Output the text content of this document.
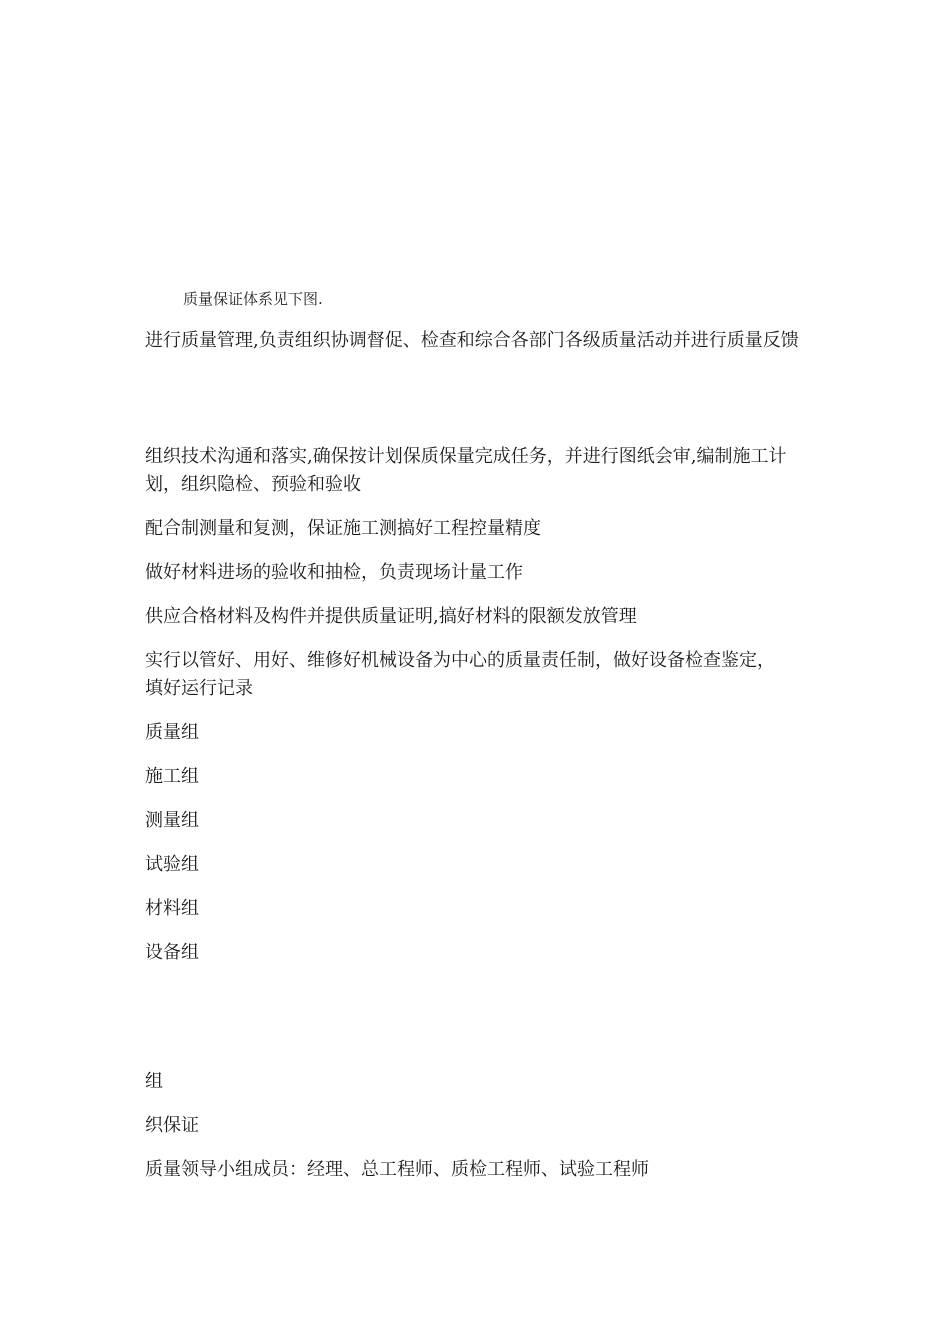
质量保证体系见下图.
进行质量管理,负责组织协调督促、检查和综合各部门各级质量活动并进行质量反馈
组织技术沟通和落实,确保按计划保质保量完成任务，并进行图纸会审,编制施工计划，组织隐检、预验和验收
配合制测量和复测，保证施工测搞好工程控量精度
做好材料进场的验收和抽检，负责现场计量工作
供应合格材料及构件并提供质量证明,搞好材料的限额发放管理
实行以管好、用好、维修好机械设备为中心的质量责任制，做好设备检查鉴定，填好运行记录
质量组
施工组
测量组
试验组
材料组
设备组
组
织保证
质量领导小组成员：经理、总工程师、质检工程师、试验工程师
